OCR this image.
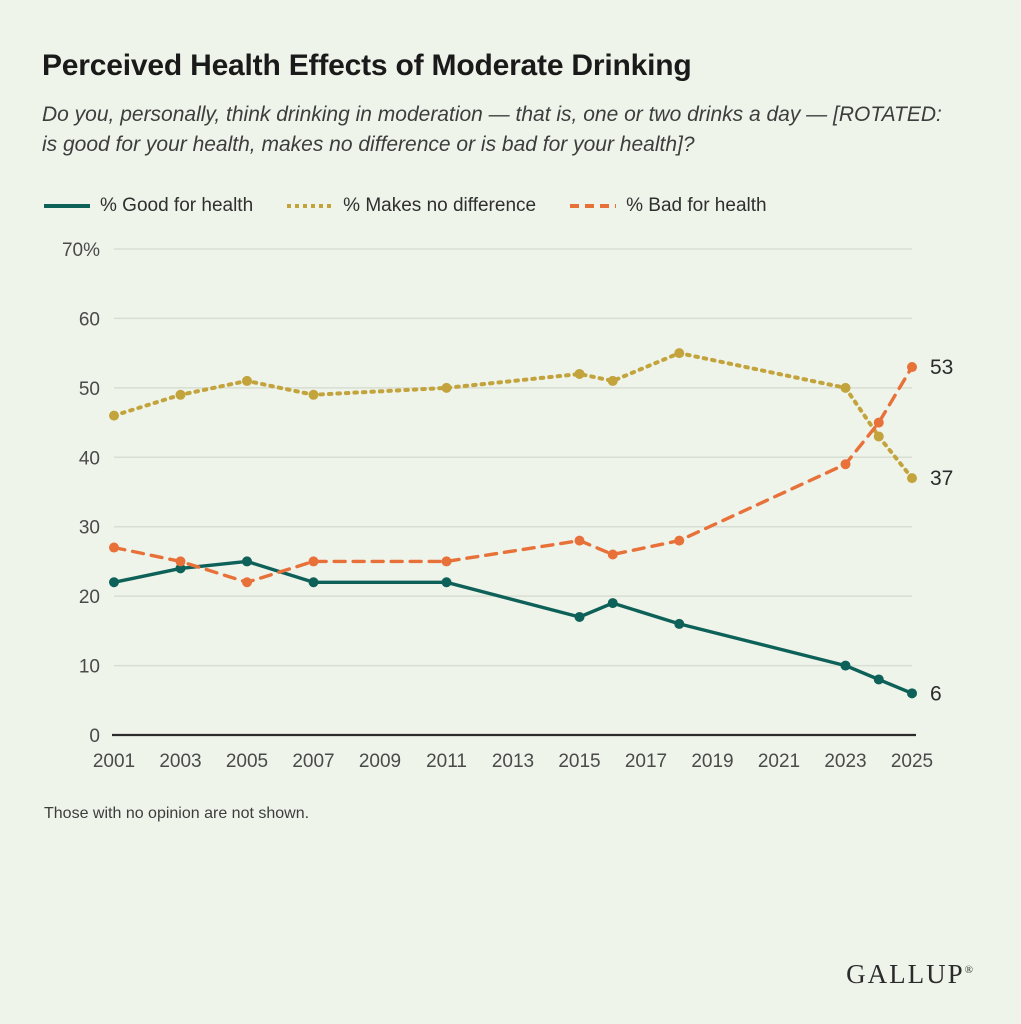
Perceived Health Effects of Moderate Drinking

Do you, personally, think drinking in moderation — that is, one or two drinks a day — [ROTATED: is good for your health, makes no difference or is bad for your health]?

% Good for health	% Makes no difference	% Bad for health
0
10
20
30
40
50
60
70%
2001 2003 2005 2007 2009 2011 2013 2015 2017 2019 2021 2023 2025
6
37
53
Those with no opinion are not shown.
GALLUP®
